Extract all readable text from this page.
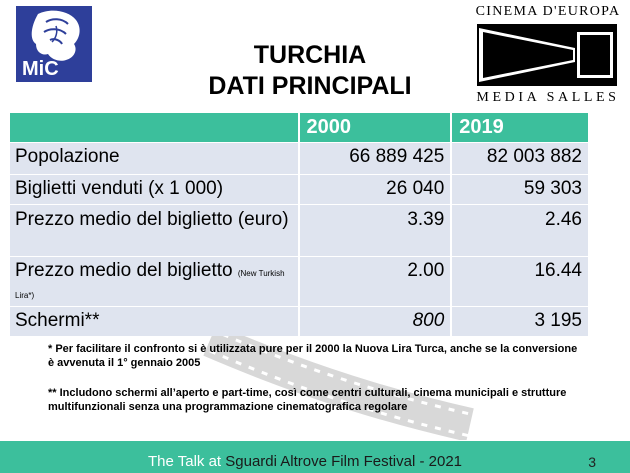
MiC
CINEMA D'EUROPA
MEDIA SALLES
TURCHIA
DATI PRINCIPALI
	2000	2019
Popolazione	66 889 425	82 003 882
Biglietti venduti (x 1 000)	26 040	59 303
Prezzo medio del biglietto (euro)	3.39	2.46
Prezzo medio del biglietto (New Turkish Lira*)	2.00	16.44
Schermi**	800	3 195
* Per facilitare il confronto si è utilizzata pure per il 2000 la Nuova Lira Turca, anche se la conversione è avvenuta il 1° gennaio 2005
** Includono schermi all’aperto e part-time, così come centri culturali, cinema municipali e strutture multifunzionali senza una programmazione cinematografica regolare
The Talk at Sguardi Altrove Film Festival - 2021	3
